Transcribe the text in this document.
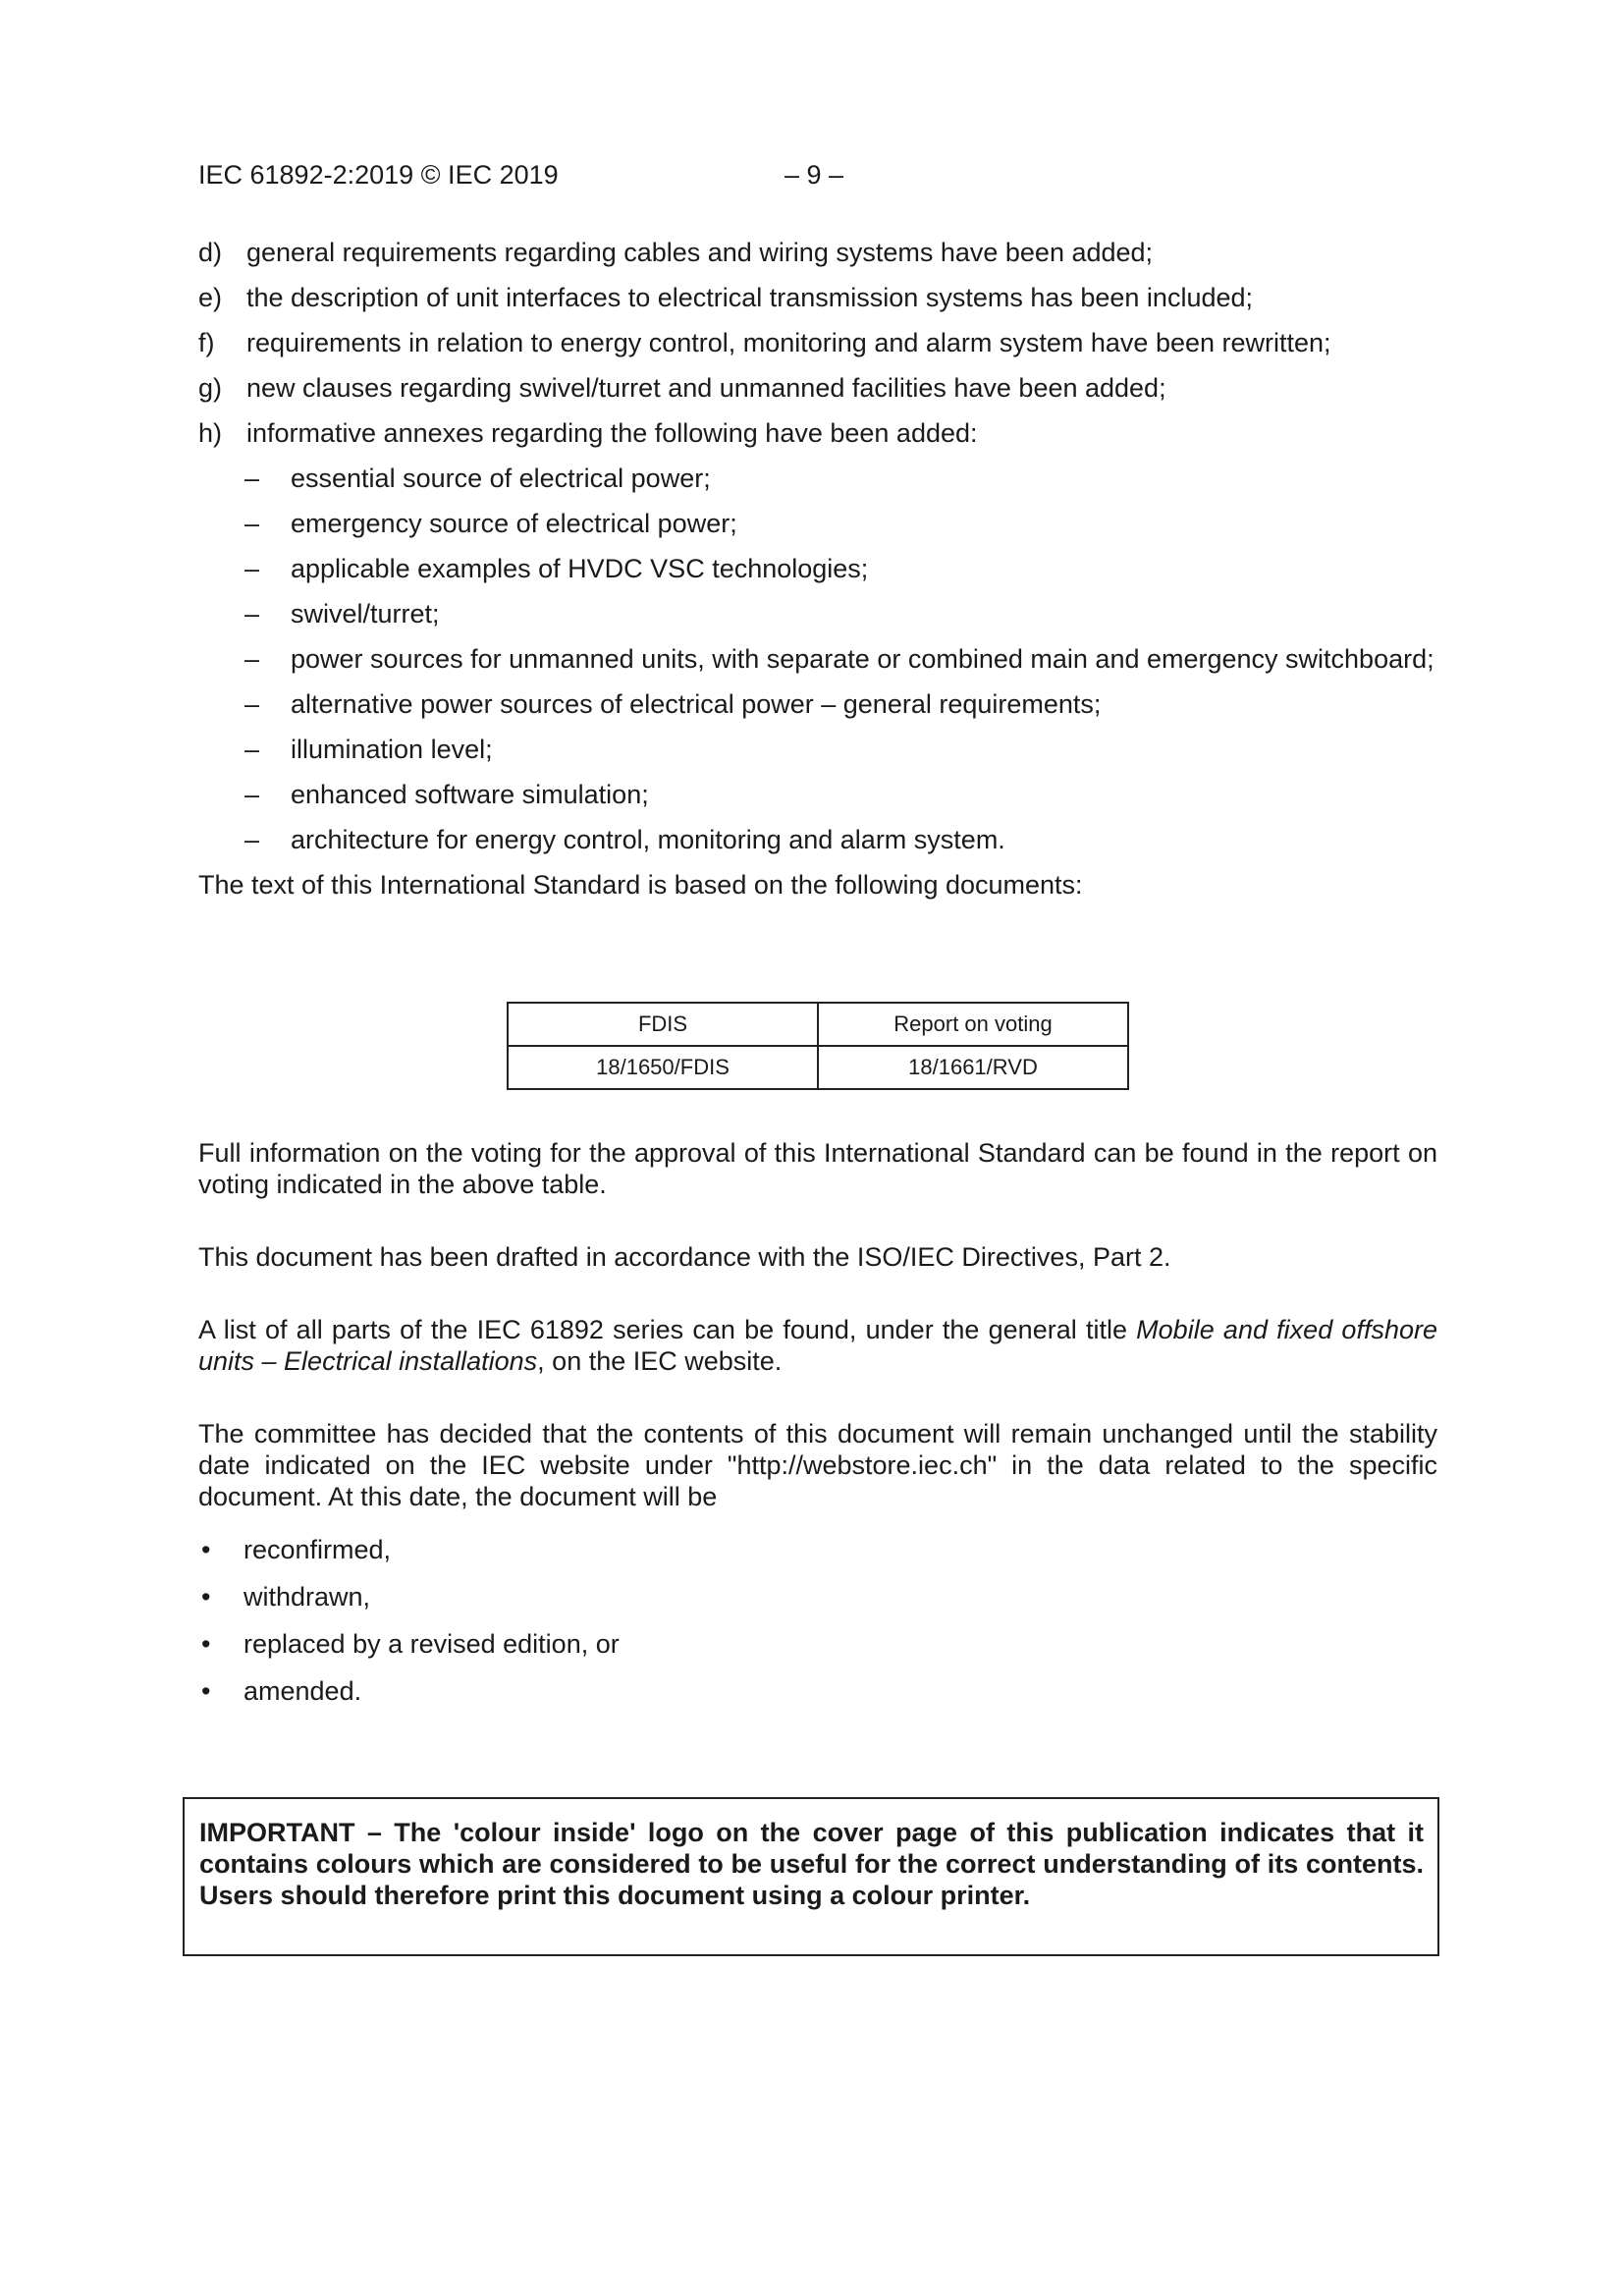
IEC 61892-2:2019 © IEC 2019	– 9 –
d) general requirements regarding cables and wiring systems have been added;
e) the description of unit interfaces to electrical transmission systems has been included;
f) requirements in relation to energy control, monitoring and alarm system have been rewritten;
g) new clauses regarding swivel/turret and unmanned facilities have been added;
h) informative annexes regarding the following have been added:
– essential source of electrical power;
– emergency source of electrical power;
– applicable examples of HVDC VSC technologies;
– swivel/turret;
– power sources for unmanned units, with separate or combined main and emergency switchboard;
– alternative power sources of electrical power – general requirements;
– illumination level;
– enhanced software simulation;
– architecture for energy control, monitoring and alarm system.

The text of this International Standard is based on the following documents:

FDIS	Report on voting
18/1650/FDIS	18/1661/RVD

Full information on the voting for the approval of this International Standard can be found in the report on voting indicated in the above table.

This document has been drafted in accordance with the ISO/IEC Directives, Part 2.

A list of all parts of the IEC 61892 series can be found, under the general title Mobile and fixed offshore units – Electrical installations, on the IEC website.

The committee has decided that the contents of this document will remain unchanged until the stability date indicated on the IEC website under "http://webstore.iec.ch" in the data related to the specific document. At this date, the document will be

• reconfirmed,
• withdrawn,
• replaced by a revised edition, or
• amended.
IMPORTANT – The 'colour inside' logo on the cover page of this publication indicates that it contains colours which are considered to be useful for the correct understanding of its contents. Users should therefore print this document using a colour printer.
